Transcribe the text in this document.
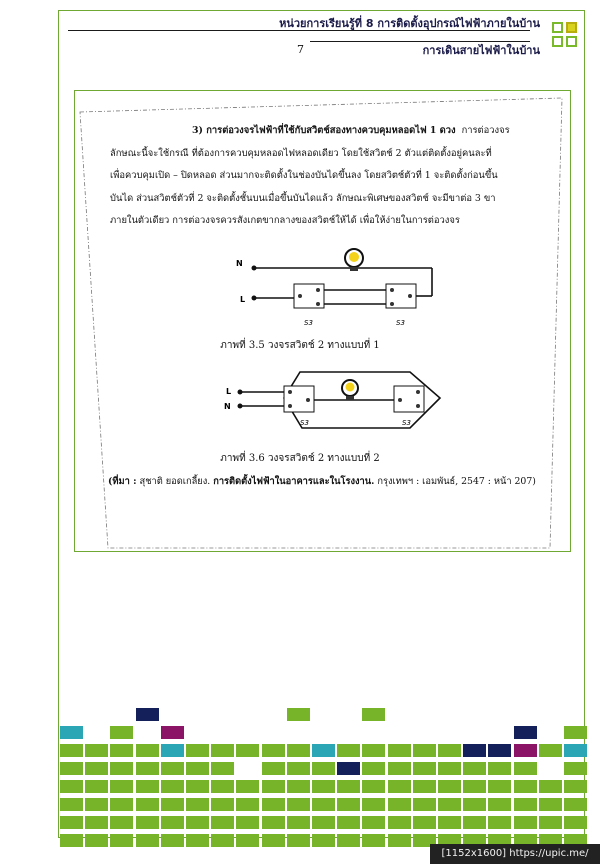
หน่วยการเรียนรู้ที่ 8 การติดตั้งอุปกรณ์ไฟฟ้าภายในบ้าน
การเดินสายไฟฟ้าในบ้าน
7
3) การต่อวงจรไฟฟ้าที่ใช้กับสวิตช์สองทางควบคุมหลอดไฟ 1 ดวง การต่อวงจร
ลักษณะนี้จะใช้กรณี ที่ต้องการควบคุมหลอดไฟหลอดเดียว โดยใช้สวิตช์ 2 ตัวแต่ติดตั้งอยู่คนละที่
เพื่อควบคุมเปิด – ปิดหลอด ส่วนมากจะติดตั้งในช่องบันไดขึ้นลง โดยสวิตช์ตัวที่ 1 จะติดตั้งก่อนขึ้น
บันได ส่วนสวิตช์ตัวที่ 2 จะติดตั้งชั้นบนเมื่อขึ้นบันไดแล้ว ลักษณะพิเศษของสวิตช์ จะมีขาต่อ 3 ขา
ภายในตัวเดียว การต่อวงจรควรสังเกตขากลางของสวิตช์ให้ได้ เพื่อให้ง่ายในการต่อวงจร
N
L
S3	S3
L
N
S3	S3
ภาพที่ 3.5 วงจรสวิตช์ 2 ทางแบบที่ 1
ภาพที่ 3.6 วงจรสวิตช์ 2 ทางแบบที่ 2
(ที่มา : สุชาติ ยอดเกลี้ยง. การติดตั้งไฟฟ้าในอาคารและในโรงงาน. กรุงเทพฯ : เอมพันธ์, 2547 : หน้า 207)
[1152x1600] https://upic.me/
